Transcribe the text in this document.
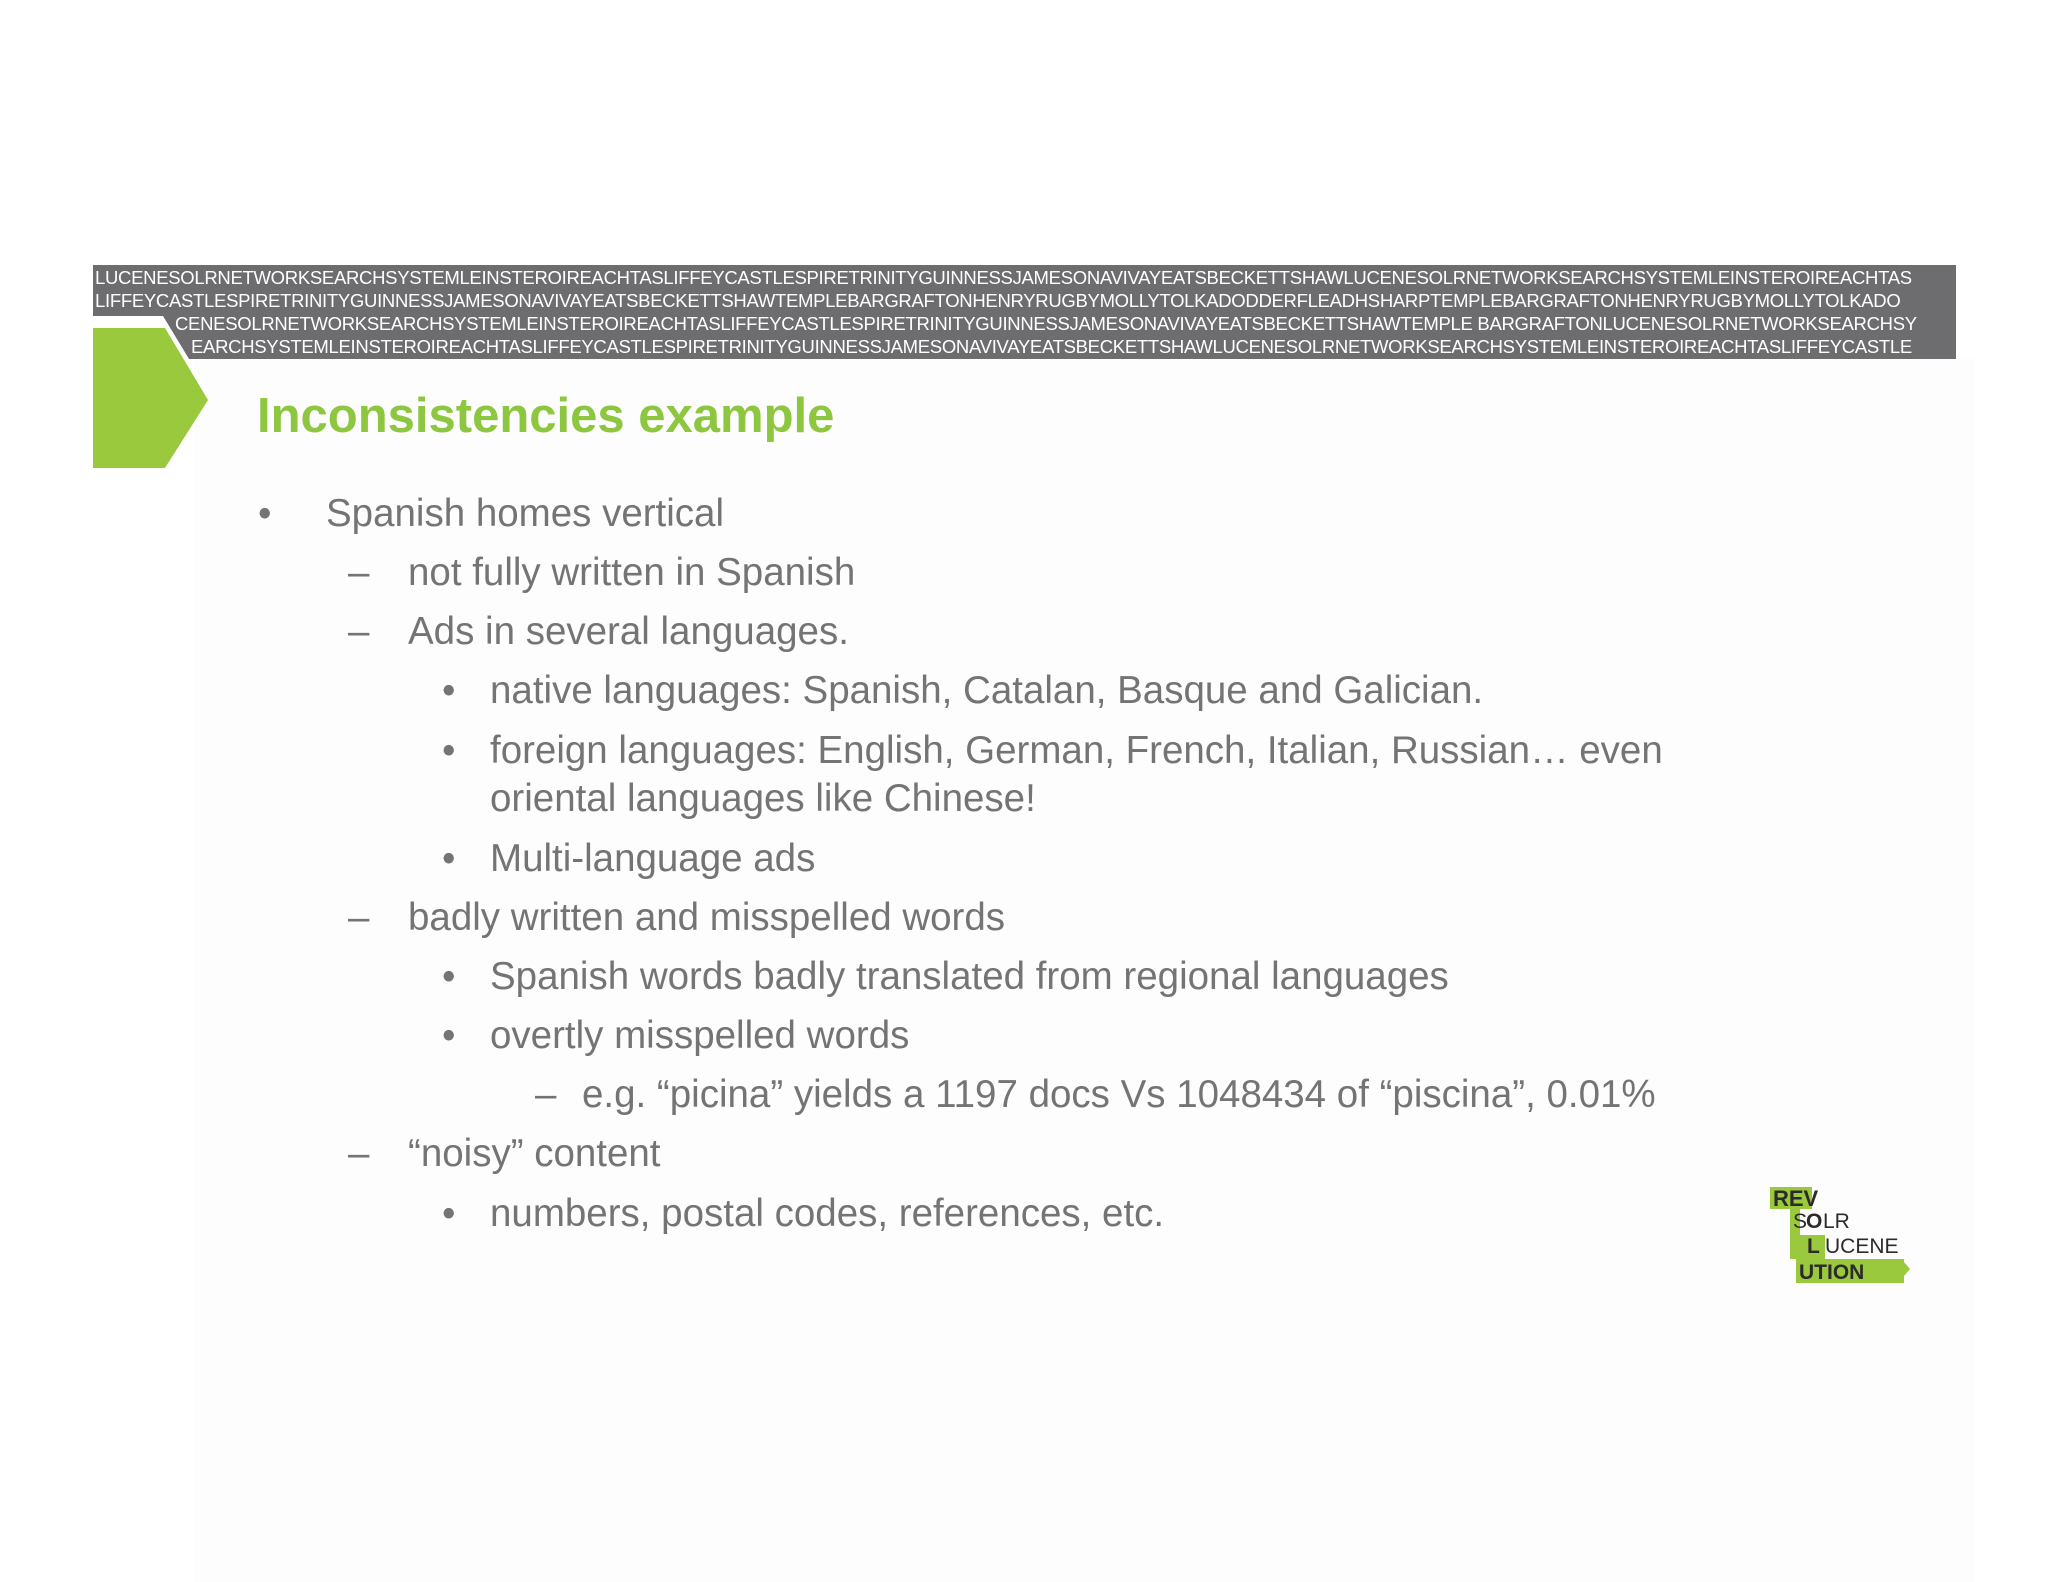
LUCENESOLRNETWORKSEARCHSYSTEMLEINSTEROIREACHTASLIFFEYCASTLESPIRETRINITYGUINNESSJAMESONAVIVAYEATSBECKETTSHAWLUCENESOLRNETWORKSEARCHSYSTEMLEINSTEROIREACHTAS
LIFFEYCASTLESPIRETRINITYGUINNESSJAMESONAVIVAYEATSBECKETTSHAWTEMPLEBARGRAFTONHENRYRUGBYMOLLYTOLKADODDERFLEADHSHARPTEMPLEBARGRAFTONHENRYRUGBYMOLLYTOLKADO
CENESOLRNETWORKSEARCHSYSTEMLEINSTEROIREACHTASLIFFEYCASTLESPIRETRINITYGUINNESSJAMESONAVIVAYEATSBECKETTSHAWTEMPLE BARGRAFTONLUCENESOLRNETWORKSEARCHSY
EARCHSYSTEMLEINSTEROIREACHTASLIFFEYCASTLESPIRETRINITYGUINNESSJAMESONAVIVAYEATSBECKETTSHAWLUCENESOLRNETWORKSEARCHSYSTEMLEINSTEROIREACHTASLIFFEYCASTLE
Inconsistencies example
• Spanish homes vertical
– not fully written in Spanish
– Ads in several languages.
• native languages: Spanish, Catalan, Basque and Galician.
• foreign languages: English, German, French, Italian, Russian… even
oriental languages like Chinese!
• Multi-language ads
– badly written and misspelled words
• Spanish words badly translated from regional languages
• overtly misspelled words
– e.g. “picina” yields a 1197 docs Vs 1048434 of “piscina”, 0.01%
– “noisy” content
• numbers, postal codes, references, etc.	REV
S
O LR
L UCENE
UTION
